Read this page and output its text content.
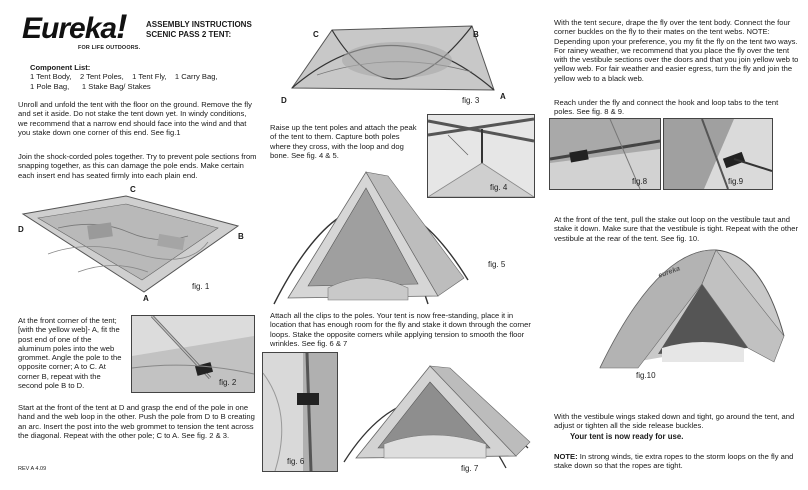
Eureka!
FOR LIFE OUTDOORS.
ASSEMBLY INSTRUCTIONS
SCENIC PASS 2 TENT:
Component List:
1 Tent Body,    2 Tent Poles,    1 Tent Fly,    1 Carry Bag,
1 Pole Bag,      1 Stake Bag/ Stakes
Unroll and unfold the tent with the floor on the ground. Remove the fly and set it aside. Do not stake the tent down yet. In windy conditions, we recommend that a narrow end should face into the wind and that you stake down one corner of this end. See fig.1
Join the shock-corded poles together. Try to prevent pole sections from snapping together, as this can damage the pole ends. Make certain each insert end has seated firmly into each plain end.
C
D
B
A
fig. 1
At the front corner of the tent; [with the yellow web]- A, fit the post end of one of the aluminum poles into the web grommet. Angle the pole to the opposite corner; A to C. At corner B, repeat with the second pole B to D.	fig. 2
Start at the front of the tent at D and grasp the end of the pole in one hand and the web loop in the other. Push the pole from D to B creating an arc. Insert the post into the web grommet to tension the tent across the diagonal. Repeat with the other pole; C to A. See fig. 2 & 3.
REV A 4.09
C	B
D	A
fig. 3
Raise up the tent poles and attach the peak of the tent to them. Capture both poles where they cross, with the loop and dog bone. See fig. 4 & 5.
fig. 4
fig. 5
Attach all the clips to the poles. Your tent is now free-standing, place it in location that has enough room for the fly and stake it down through the corner loops. Stake the opposite corners while applying tension to smooth the floor wrinkles. See fig. 6 & 7
fig. 6
fig. 7
With the tent secure, drape the fly over the tent body. Connect the four corner buckles on the fly to their mates on the tent webs. NOTE: Depending upon your preference, you my fit the fly on the tent two ways. For rainey weather, we recommend that you place the fly over the tent with the vestibule sections over the doors and that you join yellow web to yellow web. For fair weather and easier egress, turn the fly and join the yellow web to a black web.
Reach under the fly and connect the hook and loop tabs to the tent poles. See fig. 8 & 9.
fig.8	fig.9
At the front of the tent, pull the stake out loop on the vestibule taut and stake it down. Make sure that the vestibule is tight. Repeat with the other vestibule at the rear of the tent. See fig. 10.
eureka
fig.10
With the vestibule wings staked down and tight, go around the tent, and adjust or tighten all the side release buckles.
Your tent is now ready for use.
NOTE: In strong winds, tie extra ropes to the storm loops on the fly and stake down so that the ropes are tight.
